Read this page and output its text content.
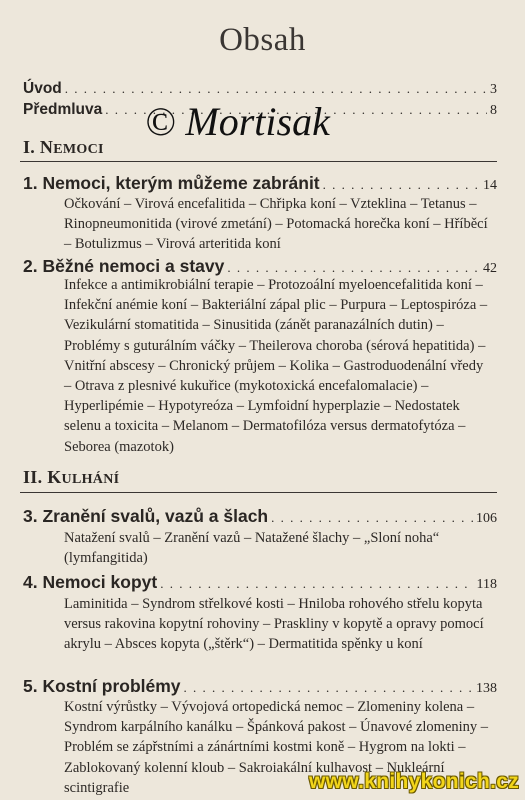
Obsah
Úvod . . .	3
Předmluva . . .	8
I. NEMOCI
1. Nemoci, kterým můžeme zabránit . . .	14
Očkování – Virová encefalitida – Chřipka koní – Vzteklina – Tetanus – Rinopneumonitida (virové zmetání) – Potomacká horečka koní – Hříběcí – Botulizmus – Virová arteritida koní
2. Běžné nemoci a stavy . . .	42
Infekce a antimikrobiální terapie – Protozoální myeloencefalitida koní – Infekční anémie koní – Bakteriální zápal plic – Purpura – Leptospiróza – Vezikulární stomatitida – Sinusitida (zánět paranazálních dutin) – Problémy s guturálním váčky – Theilerova choroba (sérová hepatitida) – Vnitřní abscesy – Chronický průjem – Kolika – Gastroduodenální vředy – Otrava z plesnivé kukuřice (mykotoxická encefalomalacie) – Hyperlipémie – Hypotyreóza – Lymfoidní hyperplazie – Nedostatek selenu a toxicita – Melanom – Dermatofilóza versus dermatofytóza – Seborea (mazotok)
II. KULHÁNÍ
3. Zranění svalů, vazů a šlach . . .	106
Natažení svalů – Zranění vazů – Natažené šlachy – „Sloní noha“ (lymfangitida)
4. Nemoci kopyt . . .	118
Laminitida – Syndrom střelkové kosti – Hniloba rohového střelu kopyta versus rakovina kopytní rohoviny – Praskliny v kopytě a opravy pomocí akrylu – Absces kopyta („štěrk“) – Dermatitida spěnky u koní
5. Kostní problémy . . .	138
Kostní výrůstky – Vývojová ortopedická nemoc – Zlomeniny kolena – Syndrom karpálního kanálku – Špánková pakost – Únavové zlomeniny – Problém se zápřstními a zánártními kostmi koně – Hygrom na lokti – Zablokovaný kolenní kloub – Sakroiakální kulhavost – Nukleární scintigrafie
© Mortisak
www.knihykonich.cz
